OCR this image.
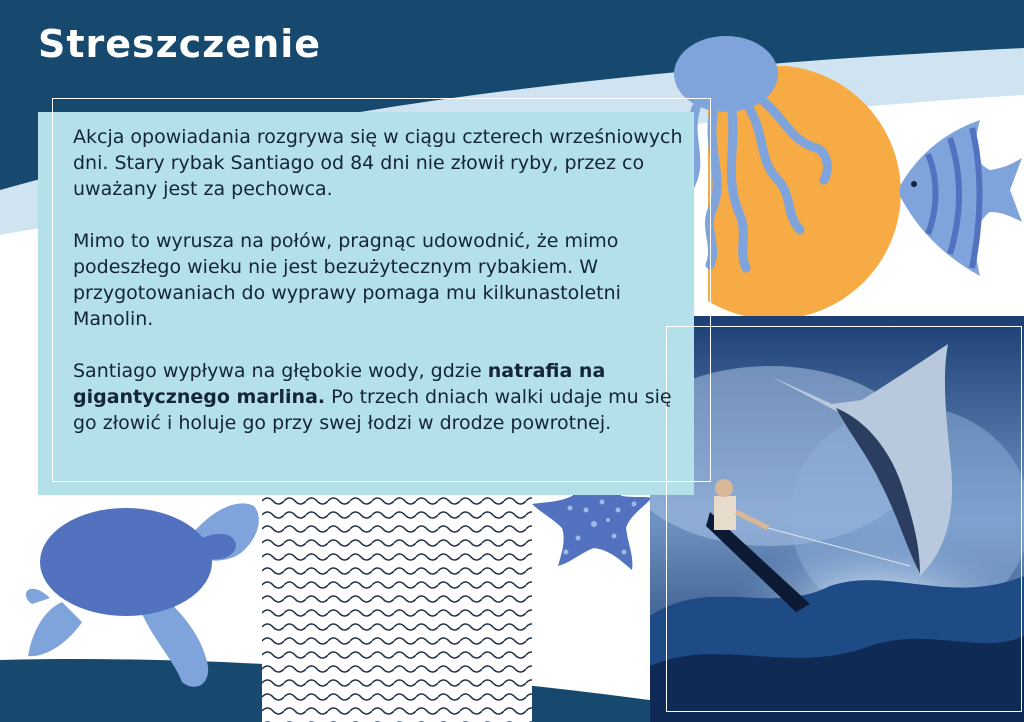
Streszczenie

Akcja opowiadania rozgrywa się w ciągu czterech wrześniowych dni. Stary rybak Santiago od 84 dni nie złowił ryby, przez co uważany jest za pechowca.

Mimo to wyrusza na połów, pragnąc udowodnić, że mimo podeszłego wieku nie jest bezużytecznym rybakiem. W przygotowaniach do wyprawy pomaga mu kilkunastoletni Manolin.

Santiago wypływa na głębokie wody, gdzie natrafia na gigantycznego marlina. Po trzech dniach walki udaje mu się go złowić i holuje go przy swej łodzi w drodze powrotnej.
